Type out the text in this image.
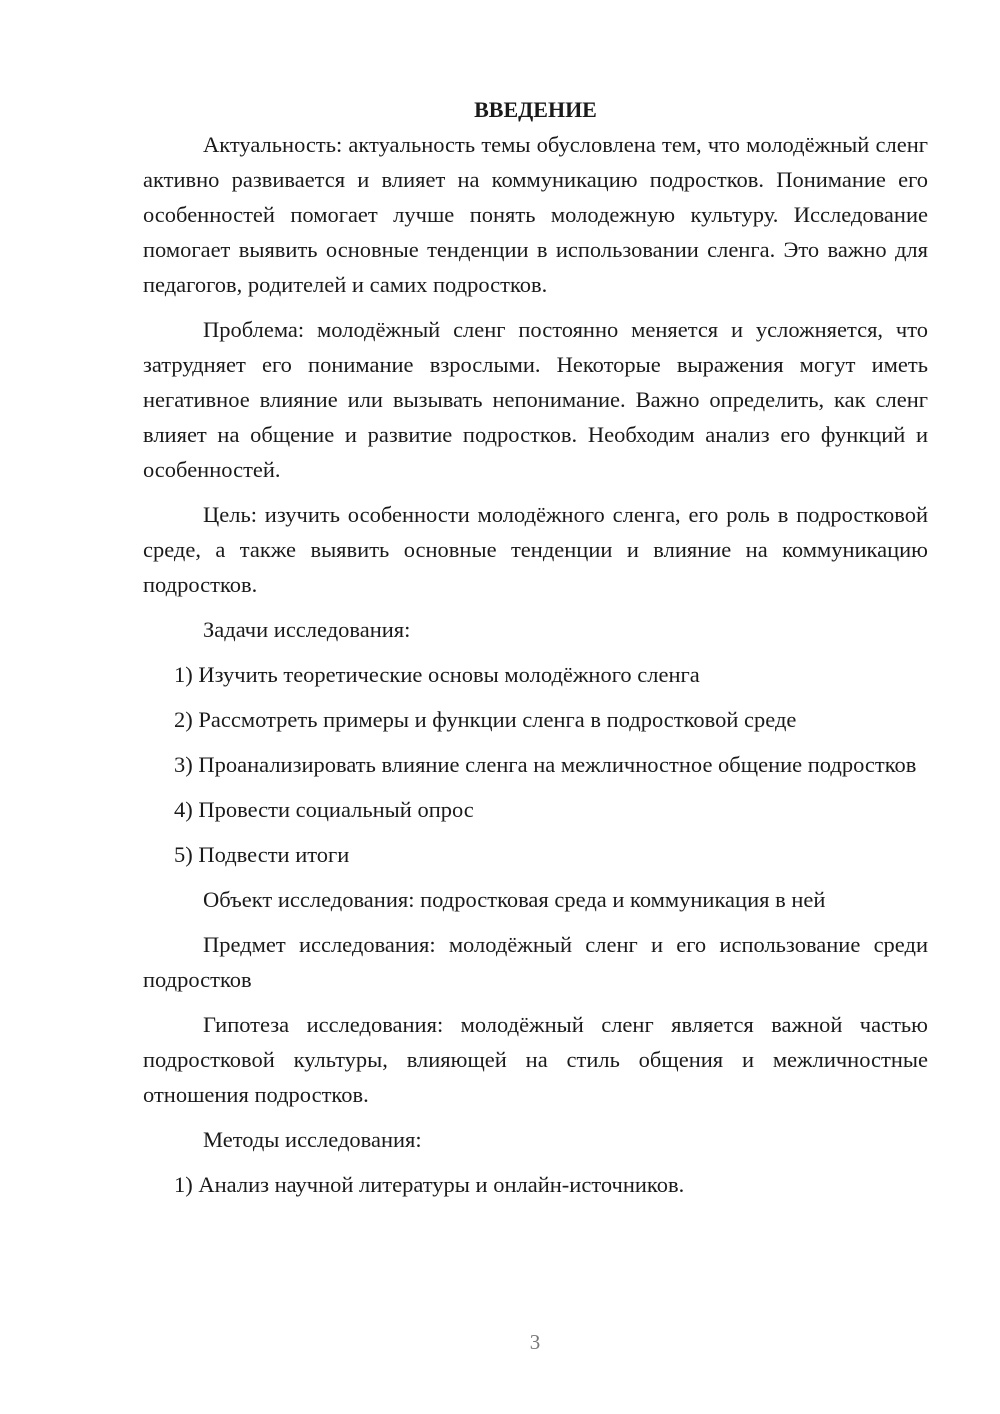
ВВЕДЕНИЕ

Актуальность: актуальность темы обусловлена тем, что молодёжный сленг активно развивается и влияет на коммуникацию подростков. Понимание его особенностей помогает лучше понять молодежную культуру. Исследование помогает выявить основные тенденции в использовании сленга. Это важно для педагогов, родителей и самих подростков.

Проблема: молодёжный сленг постоянно меняется и усложняется, что затрудняет его понимание взрослыми. Некоторые выражения могут иметь негативное влияние или вызывать непонимание. Важно определить, как сленг влияет на общение и развитие подростков. Необходим анализ его функций и особенностей.

Цель: изучить особенности молодёжного сленга, его роль в подростковой среде, а также выявить основные тенденции и влияние на коммуникацию подростков.

Задачи исследования:

1) Изучить теоретические основы молодёжного сленга

2) Рассмотреть примеры и функции сленга в подростковой среде

3) Проанализировать влияние сленга на межличностное общение подростков

4) Провести социальный опрос

5) Подвести итоги

Объект исследования: подростковая среда и коммуникация в ней

Предмет исследования: молодёжный сленг и его использование среди подростков

Гипотеза исследования: молодёжный сленг является важной частью подростковой культуры, влияющей на стиль общения и межличностные отношения подростков.

Методы исследования:

1) Анализ научной литературы и онлайн-источников.

3
